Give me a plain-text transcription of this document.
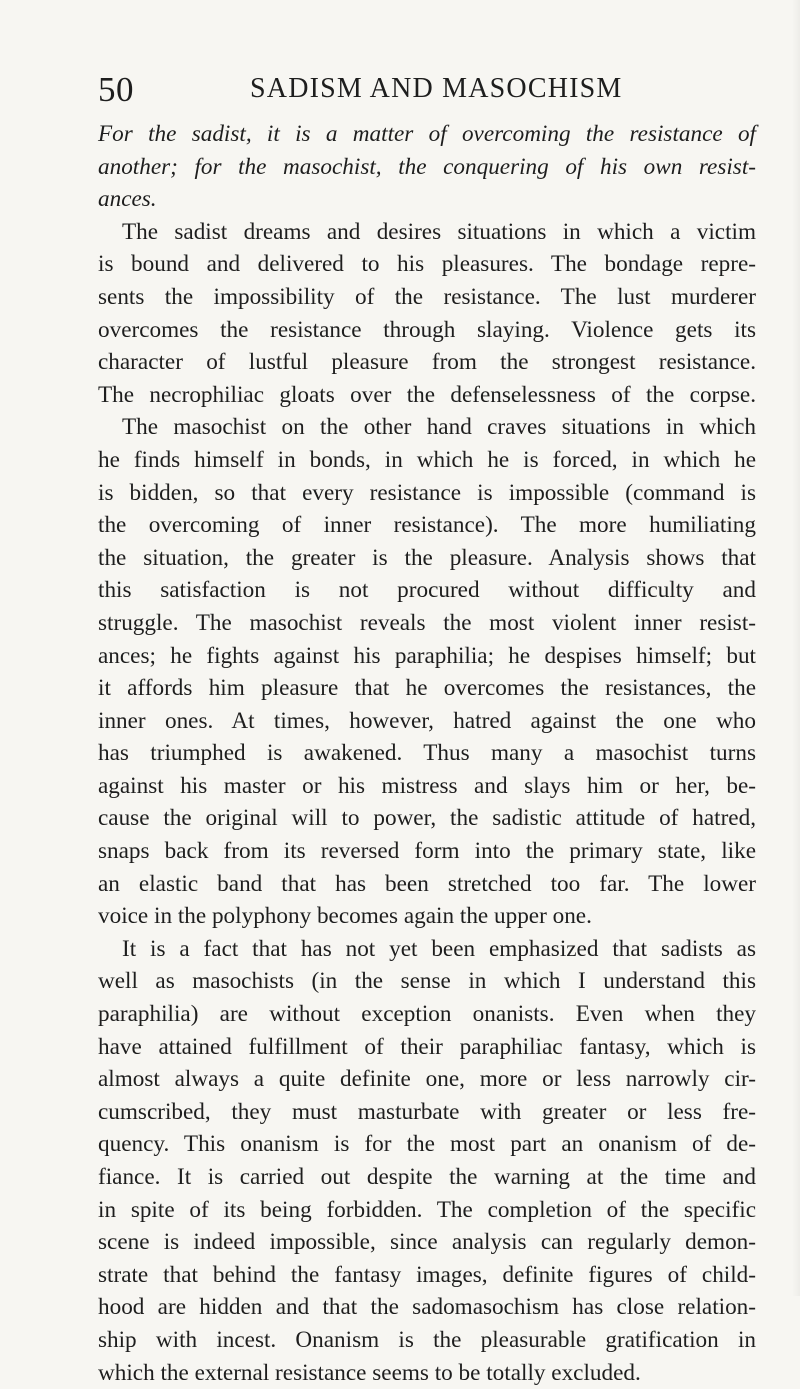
50	SADISM AND MASOCHISM
For the sadist, it is a matter of overcoming the resistance of
another; for the masochist, the conquering of his own resist-
ances.
The sadist dreams and desires situations in which a victim
is bound and delivered to his pleasures. The bondage repre-
sents the impossibility of the resistance. The lust murderer
overcomes the resistance through slaying. Violence gets its
character of lustful pleasure from the strongest resistance.
The necrophiliac gloats over the defenselessness of the corpse.
The masochist on the other hand craves situations in which
he finds himself in bonds, in which he is forced, in which he
is bidden, so that every resistance is impossible (command is
the overcoming of inner resistance). The more humiliating
the situation, the greater is the pleasure. Analysis shows that
this satisfaction is not procured without difficulty and
struggle. The masochist reveals the most violent inner resist-
ances; he fights against his paraphilia; he despises himself; but
it affords him pleasure that he overcomes the resistances, the
inner ones. At times, however, hatred against the one who
has triumphed is awakened. Thus many a masochist turns
against his master or his mistress and slays him or her, be-
cause the original will to power, the sadistic attitude of hatred,
snaps back from its reversed form into the primary state, like
an elastic band that has been stretched too far. The lower
voice in the polyphony becomes again the upper one.
It is a fact that has not yet been emphasized that sadists as
well as masochists (in the sense in which I understand this
paraphilia) are without exception onanists. Even when they
have attained fulfillment of their paraphiliac fantasy, which is
almost always a quite definite one, more or less narrowly cir-
cumscribed, they must masturbate with greater or less fre-
quency. This onanism is for the most part an onanism of de-
fiance. It is carried out despite the warning at the time and
in spite of its being forbidden. The completion of the specific
scene is indeed impossible, since analysis can regularly demon-
strate that behind the fantasy images, definite figures of child-
hood are hidden and that the sadomasochism has close relation-
ship with incest. Onanism is the pleasurable gratification in
which the external resistance seems to be totally excluded.
